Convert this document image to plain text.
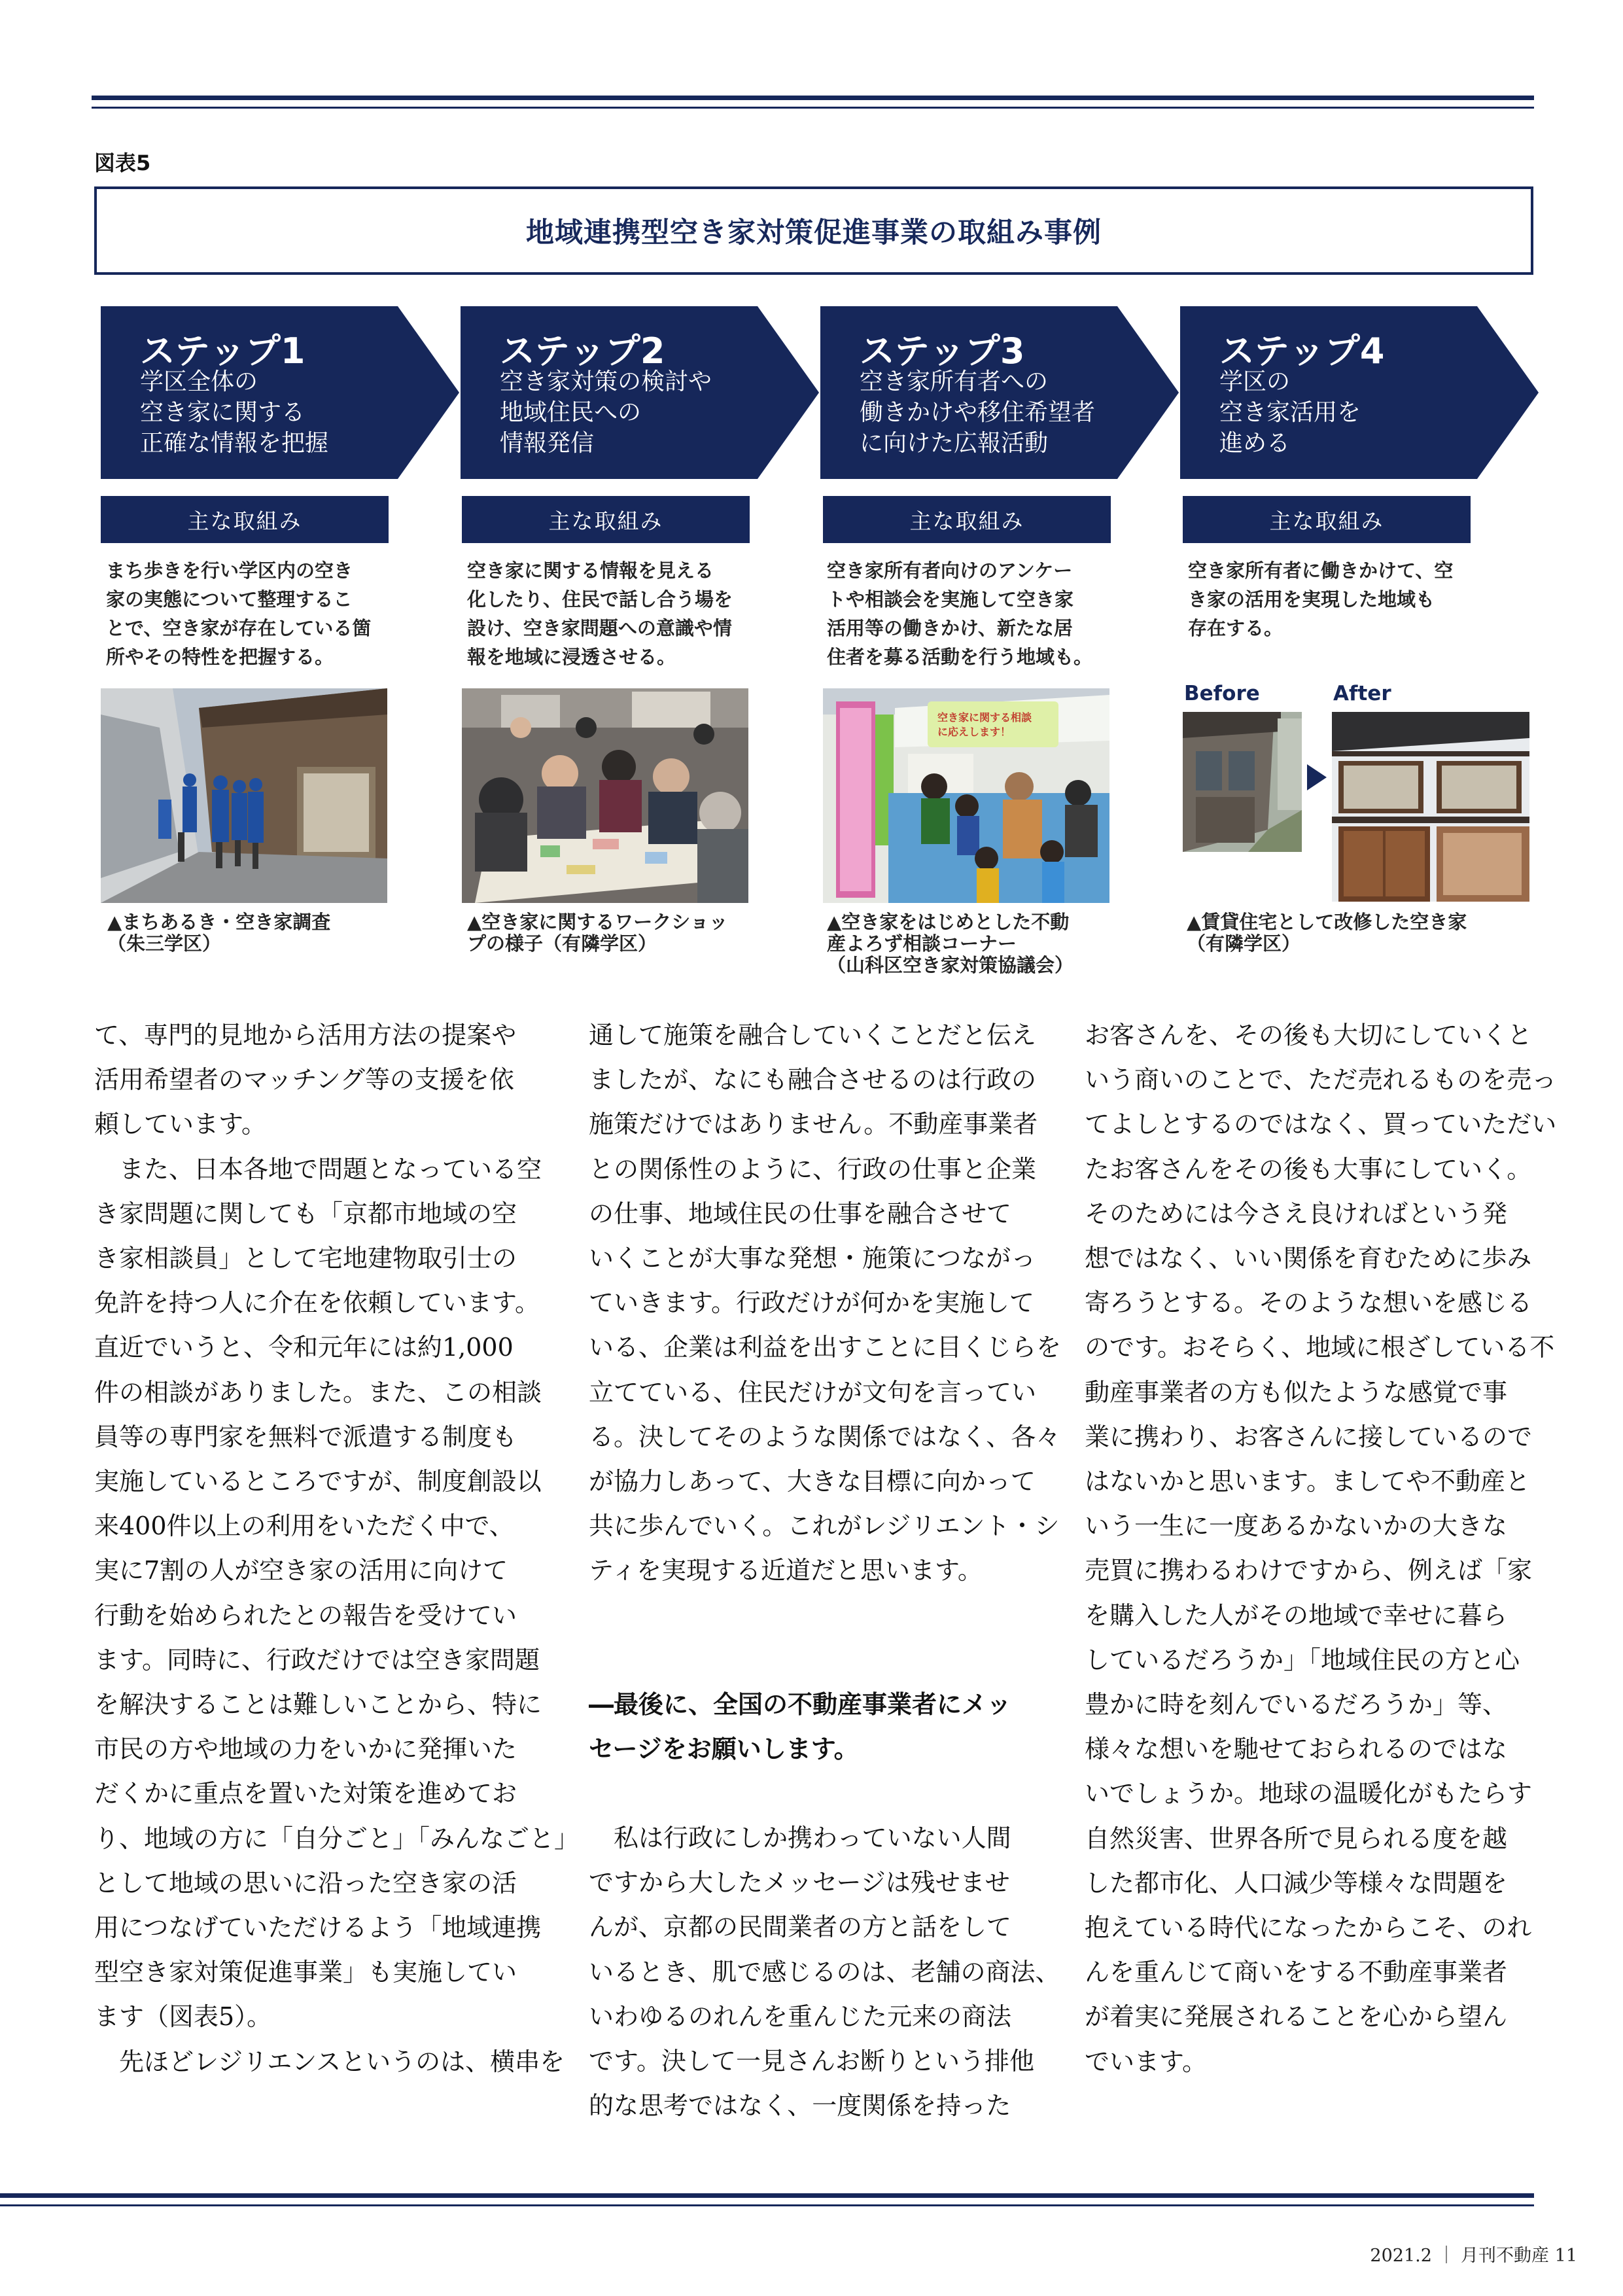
図表5
地域連携型空き家対策促進事業の取組み事例
ステップ1
学区全体の
空き家に関する
正確な情報を把握
ステップ2
空き家対策の検討や
地域住民への
情報発信
ステップ3
空き家所有者への
働きかけや移住希望者
に向けた広報活動
ステップ4
学区の
空き家活用を
進める
主な取組み	主な取組み	主な取組み	主な取組み
まち歩きを行い学区内の空き
家の実態について整理するこ
とで、空き家が存在している箇
所やその特性を把握する。
空き家に関する情報を見える
化したり、住民で話し合う場を
設け、空き家問題への意識や情
報を地域に浸透させる。
空き家所有者向けのアンケー
トや相談会を実施して空き家
活用等の働きかけ、新たな居
住者を募る活動を行う地域も。
空き家所有者に働きかけて、空
き家の活用を実現した地域も
存在する。
空き家に関する相談
に応えします！
Before	After
▲まちあるき・空き家調査
（朱三学区）
▲空き家に関するワークショッ
プの様子（有隣学区）
▲空き家をはじめとした不動
産よろず相談コーナー
（山科区空き家対策協議会）
▲賃貸住宅として改修した空き家
（有隣学区）
て、専門的見地から活用方法の提案や
活用希望者のマッチング等の支援を依
頼しています。
　また、日本各地で問題となっている空
き家問題に関しても「京都市地域の空
き家相談員」として宅地建物取引士の
免許を持つ人に介在を依頼しています。
直近でいうと、令和元年には約1,000
件の相談がありました。また、この相談
員等の専門家を無料で派遣する制度も
実施しているところですが、制度創設以
来400件以上の利用をいただく中で、
実に7割の人が空き家の活用に向けて
行動を始められたとの報告を受けてい
ます。同時に、行政だけでは空き家問題
を解決することは難しいことから、特に
市民の方や地域の力をいかに発揮いた
だくかに重点を置いた対策を進めてお
り、地域の方に「自分ごと」「みんなごと」
として地域の思いに沿った空き家の活
用につなげていただけるよう「地域連携
型空き家対策促進事業」も実施してい
ます（図表5）。
　先ほどレジリエンスというのは、横串を
通して施策を融合していくことだと伝え
ましたが、なにも融合させるのは行政の
施策だけではありません。不動産事業者
との関係性のように、行政の仕事と企業
の仕事、地域住民の仕事を融合させて
いくことが大事な発想・施策につながっ
ていきます。行政だけが何かを実施して
いる、企業は利益を出すことに目くじらを
立てている、住民だけが文句を言ってい
る。決してそのような関係ではなく、各々
が協力しあって、大きな目標に向かって
共に歩んでいく。これがレジリエント・シ
ティを実現する近道だと思います。
―最後に、全国の不動産事業者にメッ
セージをお願いします。
　私は行政にしか携わっていない人間
ですから大したメッセージは残せませ
んが、京都の民間業者の方と話をして
いるとき、肌で感じるのは、老舗の商法、
いわゆるのれんを重んじた元来の商法
です。決して一見さんお断りという排他
的な思考ではなく、一度関係を持った
お客さんを、その後も大切にしていくと
いう商いのことで、ただ売れるものを売っ
てよしとするのではなく、買っていただい
たお客さんをその後も大事にしていく。
そのためには今さえ良ければという発
想ではなく、いい関係を育むために歩み
寄ろうとする。そのような想いを感じる
のです。おそらく、地域に根ざしている不
動産事業者の方も似たような感覚で事
業に携わり、お客さんに接しているので
はないかと思います。ましてや不動産と
いう一生に一度あるかないかの大きな
売買に携わるわけですから、例えば「家
を購入した人がその地域で幸せに暮ら
しているだろうか」「地域住民の方と心
豊かに時を刻んでいるだろうか」等、
様々な想いを馳せておられるのではな
いでしょうか。地球の温暖化がもたらす
自然災害、世界各所で見られる度を越
した都市化、人口減少等様々な問題を
抱えている時代になったからこそ、のれ
んを重んじて商いをする不動産事業者
が着実に発展されることを心から望ん
でいます。
2021.2 ｜ 月刊不動産 11
